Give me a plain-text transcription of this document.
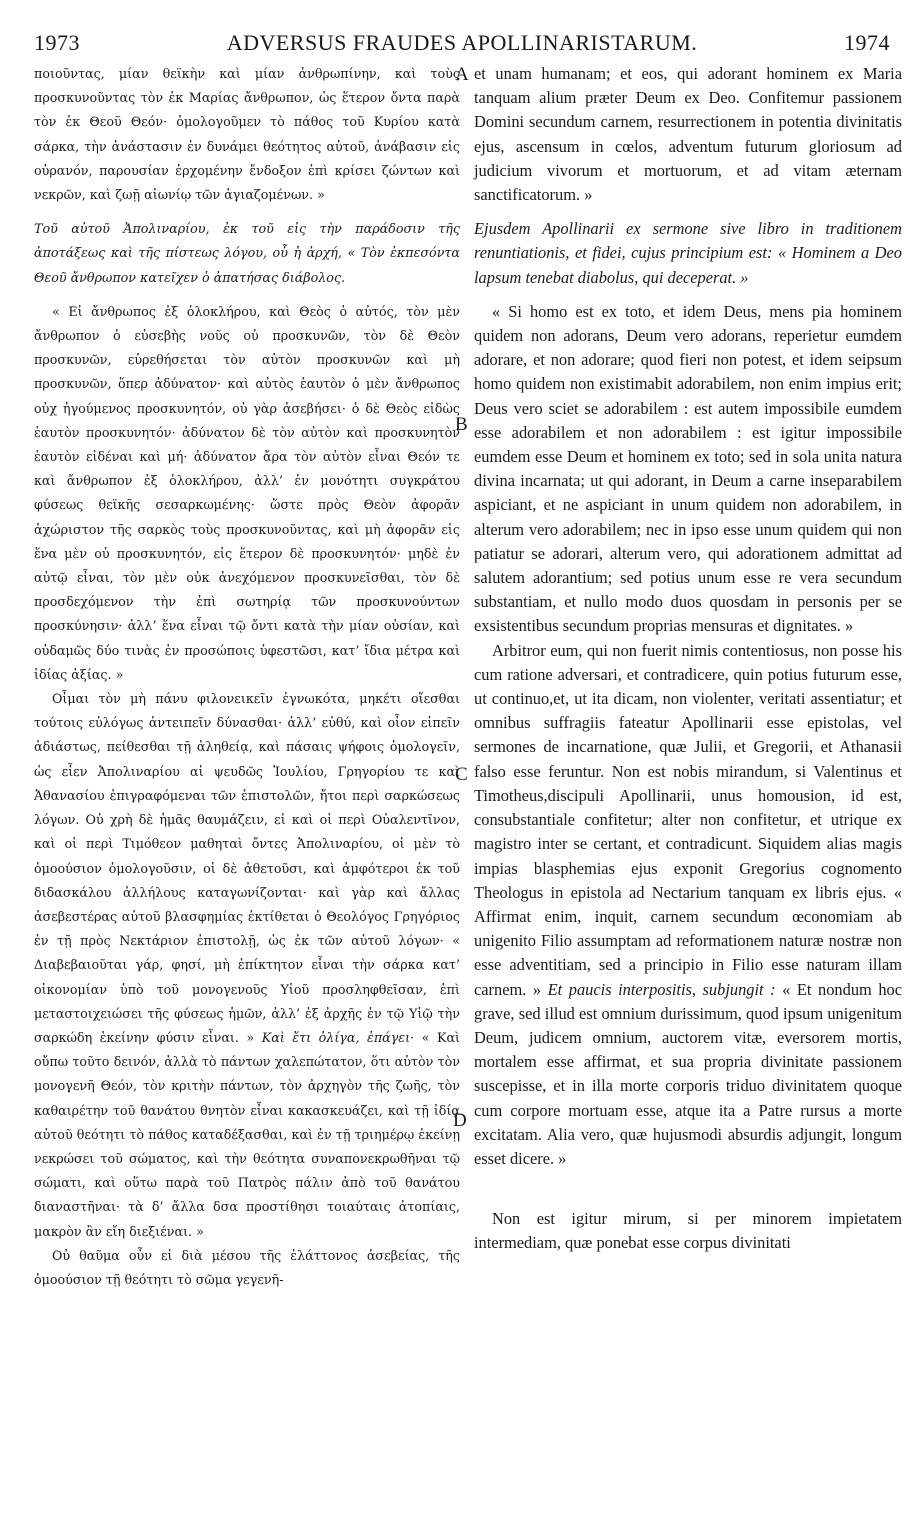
1973	ADVERSUS FRAUDES APOLLINARISTARUM.	1974

ποιοῦντας, μίαν θεϊκὴν καὶ μίαν ἀνθρωπίνην, καὶ τοὺς προσκυνοῦντας τὸν ἐκ Μαρίας ἄνθρωπον, ὡς ἕτερον ὄντα παρὰ τὸν ἐκ Θεοῦ Θεόν· ὁμολογοῦμεν τὸ πάθος τοῦ Κυρίου κατὰ σάρκα, τὴν ἀνάστασιν ἐν δυνάμει θεότητος αὐτοῦ, ἀνάβασιν εἰς οὐρανόν, παρουσίαν ἐρχομένην ἔνδοξον ἐπὶ κρίσει ζώντων καὶ νεκρῶν, καὶ ζωῇ αἰωνίῳ τῶν ἁγιαζομένων. »

Τοῦ αὐτοῦ Ἀπολιναρίου, ἐκ τοῦ εἰς τὴν παράδοσιν τῆς ἀποτάξεως καὶ τῆς πίστεως λόγου, οὗ ἡ ἀρχή, « Τὸν ἐκπεσόντα Θεοῦ ἄνθρωπον κατεῖχεν ὁ ἀπατήσας διάβολος.

« Εἰ ἄνθρωπος ἐξ ὁλοκλήρου, καὶ Θεὸς ὁ αὐτός, τὸν μὲν ἄνθρωπον ὁ εὐσεβὴς νοῦς οὐ προσκυνῶν, τὸν δὲ Θεὸν προσκυνῶν, εὑρεθήσεται τὸν αὐτὸν προσκυνῶν καὶ μὴ προσκυνῶν, ὅπερ ἀδύνατον· καὶ αὐτὸς ἑαυτὸν ὁ μὲν ἄνθρωπος οὐχ ἡγούμενος προσκυνητόν, οὐ γὰρ ἀσεβήσει· ὁ δὲ Θεὸς εἰδὼς ἑαυτὸν προσκυνητόν· ἀδύνατον δὲ τὸν αὐτὸν καὶ προσκυνητὸν ἑαυτὸν εἰδέναι καὶ μή· ἀδύνατον ἄρα τὸν αὐτὸν εἶναι Θεόν τε καὶ ἄνθρωπον ἐξ ὁλοκλήρου, ἀλλ’ ἐν μονότητι συγκράτου φύσεως θεϊκῆς σεσαρκωμένης· ὥστε πρὸς Θεὸν ἀφορᾶν ἀχώριστον τῆς σαρκὸς τοὺς προσκυνοῦντας, καὶ μὴ ἀφορᾶν εἰς ἕνα μὲν οὐ προσκυνητόν, εἰς ἕτερον δὲ προσκυνητόν· μηδὲ ἐν αὐτῷ εἶναι, τὸν μὲν οὐκ ἀνεχόμενον προσκυνεῖσθαι, τὸν δὲ προσδεχόμενον τὴν ἐπὶ σωτηρίᾳ τῶν προσκυνούντων προσκύνησιν· ἀλλ’ ἕνα εἶναι τῷ ὄντι κατὰ τὴν μίαν οὐσίαν, καὶ οὐδαμῶς δύο τινὰς ἐν προσώποις ὑφεστῶσι, κατ’ ἴδια μέτρα καὶ ἰδίας ἀξίας. »

Οἶμαι τὸν μὴ πάνυ φιλονεικεῖν ἐγνωκότα, μηκέτι οἴεσθαι τούτοις εὐλόγως ἀντειπεῖν δύνασθαι· ἀλλ’ εὐθύ, καὶ οἷον εἰπεῖν ἀδιάστως, πείθεσθαι τῇ ἀληθείᾳ, καὶ πάσαις ψήφοις ὁμολογεῖν, ὡς εἶεν Ἀπολιναρίου αἱ ψευδῶς Ἰουλίου, Γρηγορίου τε καὶ Ἀθανασίου ἐπιγραφόμεναι τῶν ἐπιστολῶν, ἤτοι περὶ σαρκώσεως λόγων. Οὐ χρὴ δὲ ἡμᾶς θαυμάζειν, εἰ καὶ οἱ περὶ Οὐαλεντῖνον, καὶ οἱ περὶ Τιμόθεον μαθηταὶ ὄντες Ἀπολιναρίου, οἱ μὲν τὸ ὁμοούσιον ὁμολογοῦσιν, οἱ δὲ ἀθετοῦσι, καὶ ἀμφότεροι ἐκ τοῦ διδασκάλου ἀλλήλους καταγωνίζονται· καὶ γὰρ καὶ ἄλλας ἀσεβεστέρας αὐτοῦ βλασφημίας ἐκτίθεται ὁ Θεολόγος Γρηγόριος ἐν τῇ πρὸς Νεκτάριον ἐπιστολῇ, ὡς ἐκ τῶν αὐτοῦ λόγων· « Διαβεβαιοῦται γάρ, φησί, μὴ ἐπίκτητον εἶναι τὴν σάρκα κατ’ οἰκονομίαν ὑπὸ τοῦ μονογενοῦς Υἱοῦ προσληφθεῖσαν, ἐπὶ μεταστοιχειώσει τῆς φύσεως ἡμῶν, ἀλλ’ ἐξ ἀρχῆς ἐν τῷ Υἱῷ τὴν σαρκώδη ἐκείνην φύσιν εἶναι. » Καὶ ἔτι ὀλίγα, ἐπάγει· « Καὶ οὔπω τοῦτο δεινόν, ἀλλὰ τὸ πάντων χαλεπώτατον, ὅτι αὐτὸν τὸν μονογενῆ Θεόν, τὸν κριτὴν πάντων, τὸν ἀρχηγὸν τῆς ζωῆς, τὸν καθαιρέτην τοῦ θανάτου θνητὸν εἶναι κακασκευάζει, καὶ τῇ ἰδίᾳ αὐτοῦ θεότητι τὸ πάθος καταδέξασθαι, καὶ ἐν τῇ τριημέρῳ ἐκείνῃ νεκρώσει τοῦ σώματος, καὶ τὴν θεότητα συναπονεκρωθῆναι τῷ σώματι, καὶ οὕτω παρὰ τοῦ Πατρὸς πάλιν ἀπὸ τοῦ θανάτου διαναστῆναι· τὰ δ’ ἄλλα δσα προστίθησι τοιαύταις ἀτοπίαις, μακρὸν ἂν εἴη διεξιέναι. »

Οὐ θαῦμα οὖν εἰ διὰ μέσου τῆς ἐλάττονος ἀσεβείας, τῆς ὁμοούσιον τῇ θεότητι τὸ σῶμα γεγενῆ-

et unam humanam; et eos, qui adorant hominem ex Maria tanquam alium præter Deum ex Deo. Confitemur passionem Domini secundum carnem, resurrectionem in potentia divinitatis ejus, ascensum in cœlos, adventum futurum gloriosum ad judicium vivorum et mortuorum, et ad vitam æternam sanctificatorum. »

Ejusdem Apollinarii ex sermone sive libro in traditionem renuntiationis, et fidei, cujus principium est: « Hominem a Deo lapsum tenebat diabolus, qui deceperat. »

« Si homo est ex toto, et idem Deus, mens pia hominem quidem non adorans, Deum vero adorans, reperietur eumdem adorare, et non adorare; quod fieri non potest, et idem seipsum homo quidem non existimabit adorabilem, non enim impius erit; Deus vero sciet se adorabilem : est autem impossibile eumdem esse adorabilem et non adorabilem : est igitur impossibile eumdem esse Deum et hominem ex toto; sed in sola unita natura divina incarnata; ut qui adorant, in Deum a carne inseparabilem aspiciant, et ne aspiciant in unum quidem non adorabilem, in alterum vero adorabilem; nec in ipso esse unum quidem qui non patiatur se adorari, alterum vero, qui adorationem admittat ad salutem adorantium; sed potius unum esse re vera secundum substantiam, et nullo modo duos quosdam in personis per se exsistentibus secundum proprias mensuras et dignitates. »

Arbitror eum, qui non fuerit nimis contentiosus, non posse his cum ratione adversari, et contradicere, quin potius futurum esse, ut continuo,et, ut ita dicam, non violenter, veritati assentiatur; et omnibus suffragiis fateatur Apollinarii esse epistolas, vel sermones de incarnatione, quæ Julii, et Gregorii, et Athanasii falso esse feruntur. Non est nobis mirandum, si Valentinus et Timotheus,discipuli Apollinarii, unus homousion, id est, consubstantiale confitetur; alter non confitetur, et utrique ex magistro inter se certant, et contradicunt. Siquidem alias magis impias blasphemias ejus exponit Gregorius cognomento Theologus in epistola ad Nectarium tanquam ex libris ejus. « Affirmat enim, inquit, carnem secundum œconomiam ab unigenito Filio assumptam ad reformationem naturæ nostræ non esse adventitiam, sed a principio in Filio esse naturam illam carnem. » Et paucis interpositis, subjungit : « Et nondum hoc grave, sed illud est omnium durissimum, quod ipsum unigenitum Deum, judicem omnium, auctorem vitæ, eversorem mortis, mortalem esse affirmat, et sua propria divinitate passionem suscepisse, et in illa morte corporis triduo divinitatem quoque cum corpore mortuam esse, atque ita a Patre rursus a morte excitatam. Alia vero, quæ hujusmodi absurdis adjungit, longum esset dicere. »

Non est igitur mirum, si per minorem impietatem intermediam, quæ ponebat esse corpus divinitati

A
B
C
D
